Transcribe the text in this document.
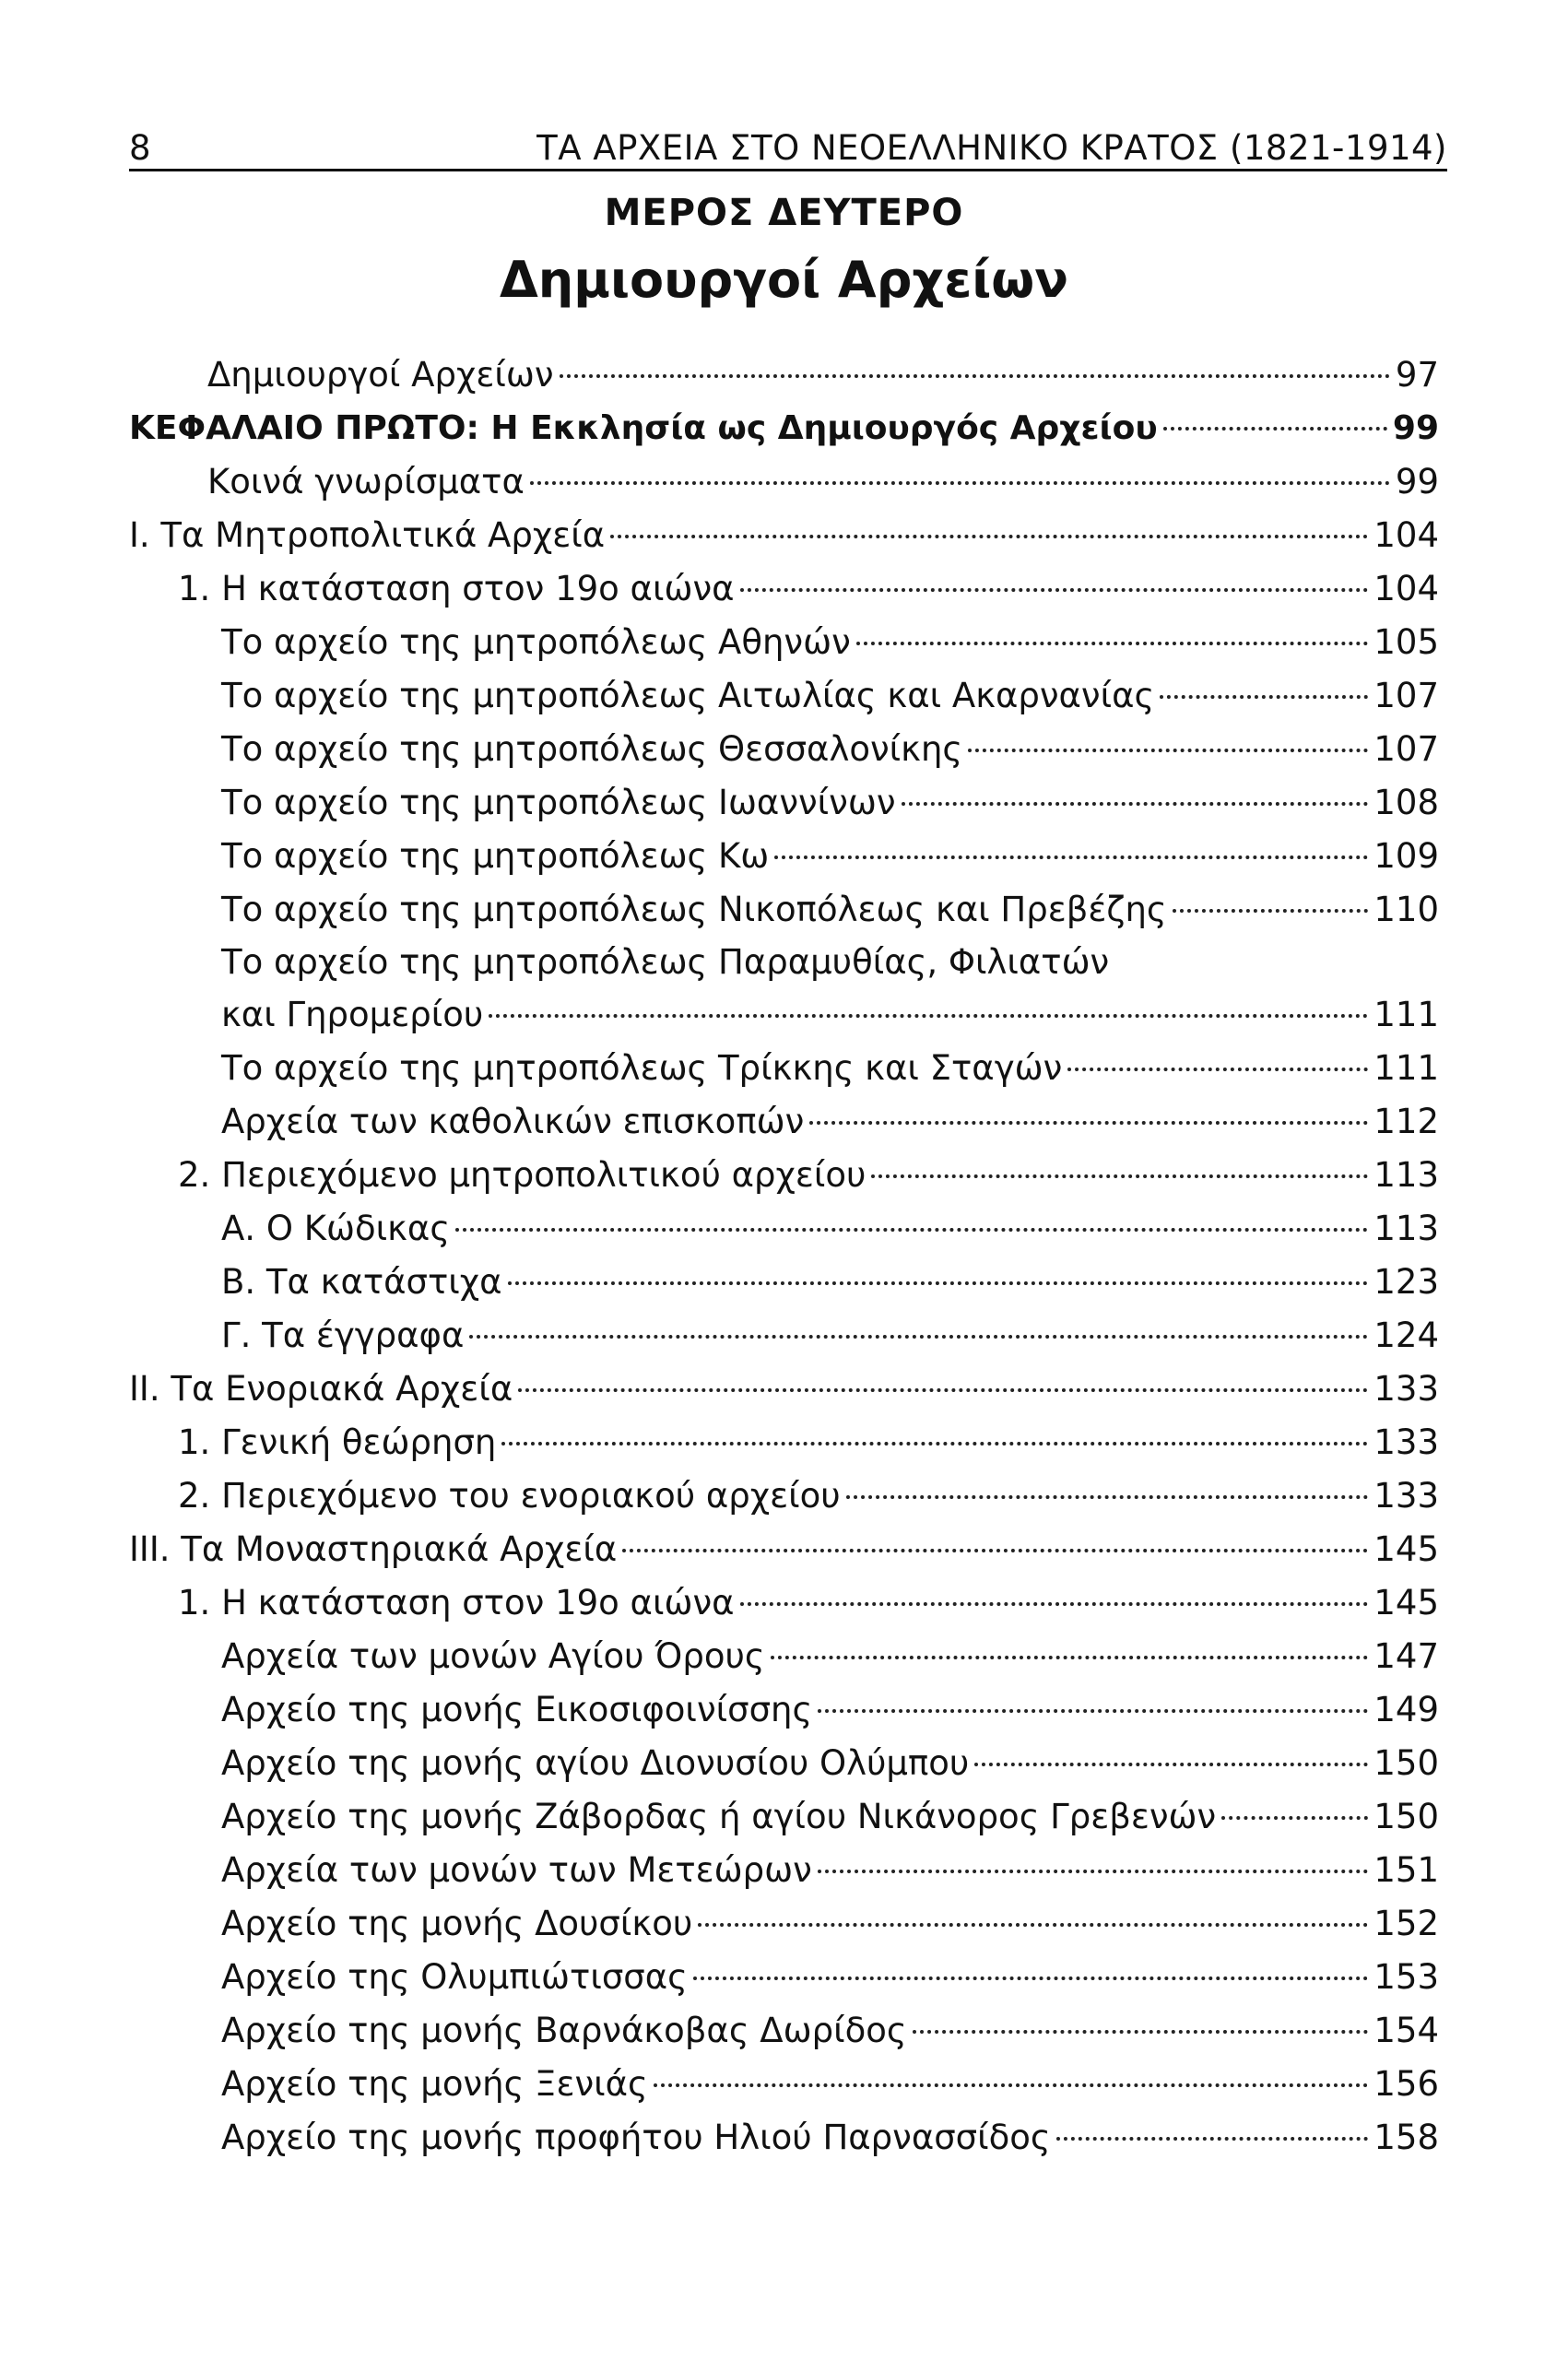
8	ΤΑ ΑΡΧΕΙΑ ΣΤΟ ΝΕΟΕΛΛΗΝΙΚΟ ΚΡΑΤΟΣ (1821-1914)
ΜΕΡΟΣ ΔΕΥΤΕΡΟ
Δημιουργοί Αρχείων
Δημιουργοί Αρχείων	97
ΚΕΦΑΛΑΙΟ ΠΡΩΤΟ: Η Εκκλησία ως Δημιουργός Αρχείου	99
Κοινά γνωρίσματα	99
I. Τα Μητροπολιτικά Αρχεία	104
1. Η κατάσταση στον 19ο αιώνα	104
Το αρχείο της μητροπόλεως Αθηνών	105
Το αρχείο της μητροπόλεως Αιτωλίας και Ακαρνανίας	107
Το αρχείο της μητροπόλεως Θεσσαλονίκης	107
Το αρχείο της μητροπόλεως Ιωαννίνων	108
Το αρχείο της μητροπόλεως Κω	109
Το αρχείο της μητροπόλεως Νικοπόλεως και Πρεβέζης	110
Το αρχείο της μητροπόλεως Παραμυθίας, Φιλιατών
και Γηρομερίου	111
Το αρχείο της μητροπόλεως Τρίκκης και Σταγών	111
Αρχεία των καθολικών επισκοπών	112
2. Περιεχόμενο μητροπολιτικού αρχείου	113
Α. Ο Κώδικας	113
Β. Τα κατάστιχα	123
Γ. Τα έγγραφα	124
II. Τα Ενοριακά Αρχεία	133
1. Γενική θεώρηση	133
2. Περιεχόμενο του ενοριακού αρχείου	133
III. Τα Μοναστηριακά Αρχεία	145
1. Η κατάσταση στον 19ο αιώνα	145
Αρχεία των μονών Αγίου Όρους	147
Αρχείο της μονής Εικοσιφοινίσσης	149
Αρχείο της μονής αγίου Διονυσίου Ολύμπου	150
Αρχείο της μονής Ζάβορδας ή αγίου Νικάνορος Γρεβενών	150
Αρχεία των μονών των Μετεώρων	151
Αρχείο της μονής Δουσίκου	152
Αρχείο της Ολυμπιώτισσας	153
Αρχείο της μονής Βαρνάκοβας Δωρίδος	154
Αρχείο της μονής Ξενιάς	156
Αρχείο της μονής προφήτου Ηλιού Παρνασσίδος	158
